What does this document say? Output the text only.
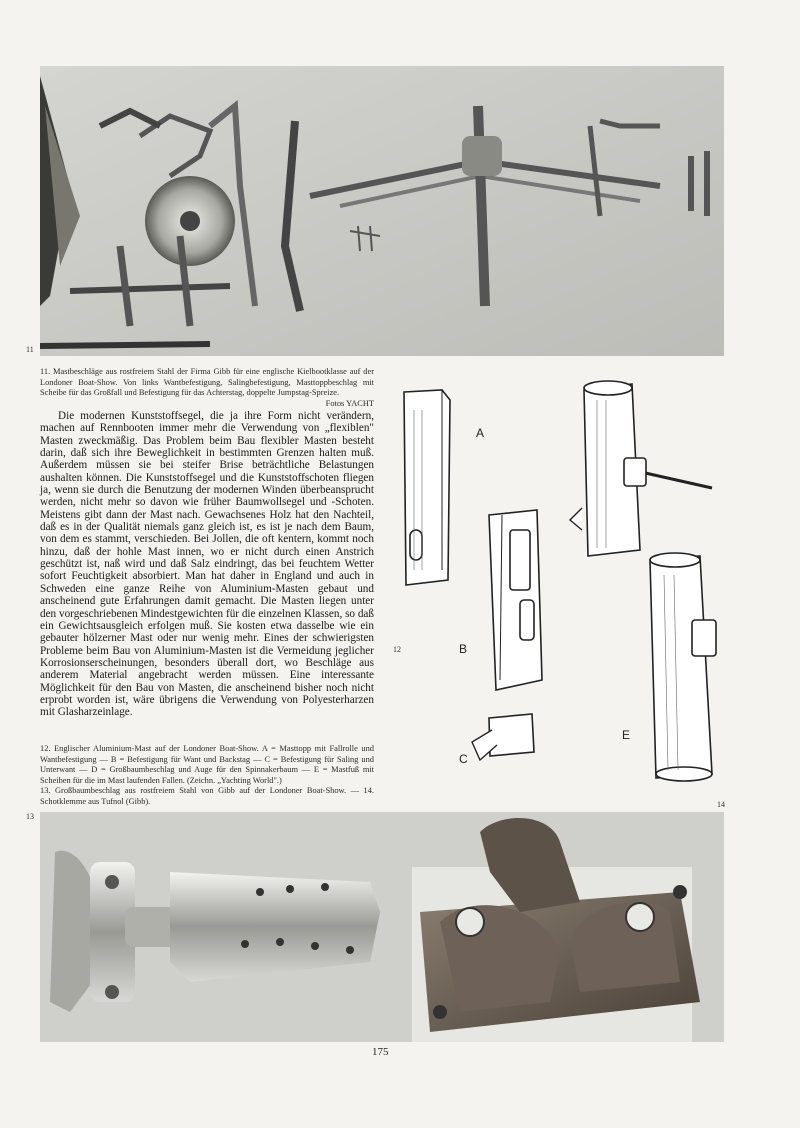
11
11. Mastbeschläge aus rostfreiem Stahl der Firma Gibb für eine englische Kielbootklasse auf der Londoner Boat-Show. Von links Wantbefestigung, Salingbefestigung, Masttoppbeschlag mit Scheibe für das Großfall und Befestigung für das Achterstag, doppelte Jumpstag-Spreize.
Fotos YACHT

Die modernen Kunststoffsegel, die ja ihre Form nicht verändern, machen auf Rennbooten immer mehr die Verwendung von „flexiblen" Masten zweckmäßig. Das Problem beim Bau flexibler Masten besteht darin, daß sich ihre Beweglichkeit in bestimmten Grenzen halten muß. Außerdem müssen sie bei steifer Brise beträchtliche Belastungen aushalten können. Die Kunststoffsegel und die Kunststoffschoten fliegen ja, wenn sie durch die Benutzung der modernen Winden überbeansprucht werden, nicht mehr so davon wie früher Baumwollsegel und -Schoten. Meistens gibt dann der Mast nach. Gewachsenes Holz hat den Nachteil, daß es in der Qualität niemals ganz gleich ist, es ist je nach dem Baum, von dem es stammt, verschieden. Bei Jollen, die oft kentern, kommt noch hinzu, daß der hohle Mast innen, wo er nicht durch einen Anstrich geschützt ist, naß wird und daß Salz eindringt, das bei feuchtem Wetter sofort Feuchtigkeit absorbiert. Man hat daher in England und auch in Schweden eine ganze Reihe von Aluminium-Masten gebaut und anscheinend gute Erfahrungen damit gemacht. Die Masten liegen unter den vorgeschriebenen Mindestgewichten für die einzelnen Klassen, so daß ein Gewichtsausgleich erfolgen muß. Sie kosten etwa dasselbe wie ein gebauter hölzerner Mast oder nur wenig mehr. Eines der schwierigsten Probleme beim Bau von Aluminium-Masten ist die Vermeidung jeglicher Korrosionserscheinungen, besonders überall dort, wo Beschläge aus anderem Material angebracht werden müssen. Eine interessante Möglichkeit für den Bau von Masten, die anscheinend bisher noch nicht erprobt worden ist, wäre übrigens die Verwendung von Polyesterharzen mit Glasharzeinlage.

12. Englischer Aluminium-Mast auf der Londoner Boat-Show. A = Masttopp mit Fallrolle und Wantbefestigung — B = Befestigung für Want und Backstag — C = Befestigung für Saling und Unterwant — D = Großbaumbeschlag und Auge für den Spinnakerbaum — E = Mastfuß mit Scheiben für die im Mast laufenden Fallen. (Zeichn. „Yachting World".)
13. Großbaumbeschlag aus rostfreiem Stahl von Gibb auf der Londoner Boat-Show. — 14. Schotklemme aus Tufnol (Gibb).
A
B
C
E
12
14
13
175
